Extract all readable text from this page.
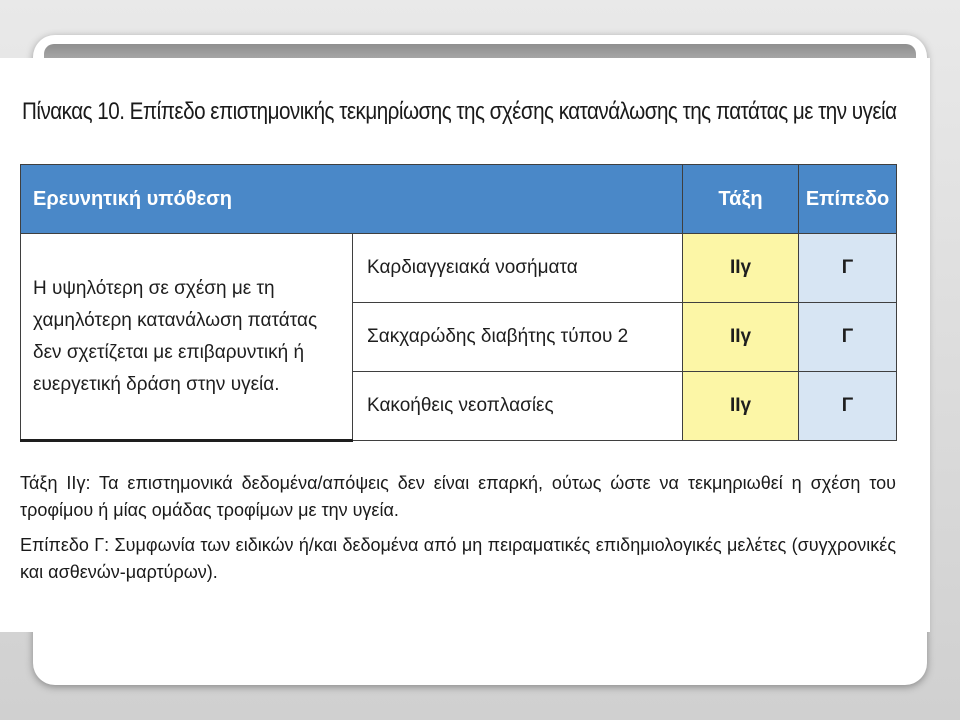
Πίνακας 10. Επίπεδο επιστημονικής τεκμηρίωσης της σχέσης κατανάλωσης της πατάτας με την υγεία
Ερευνητική υπόθεση		Τάξη	Επίπεδο
Η υψηλότερη σε σχέση με τη χαμηλότερη κατανάλωση πατάτας δεν σχετίζεται με επιβαρυντική ή ευεργετική δράση στην υγεία.	Καρδιαγγειακά νοσήματα	IIγ	Γ
	Σακχαρώδης διαβήτης τύπου 2	IIγ	Γ
	Κακοήθεις νεοπλασίες	IIγ	Γ

Τάξη IIγ: Τα επιστημονικά δεδομένα/απόψεις δεν είναι επαρκή, ούτως ώστε να τεκμηριωθεί η σχέση του τροφίμου ή μίας ομάδας τροφίμων με την υγεία.

Επίπεδο Γ: Συμφωνία των ειδικών ή/και δεδομένα από μη πειραματικές επιδημιολογικές μελέτες (συγχρονικές και ασθενών-μαρτύρων).
